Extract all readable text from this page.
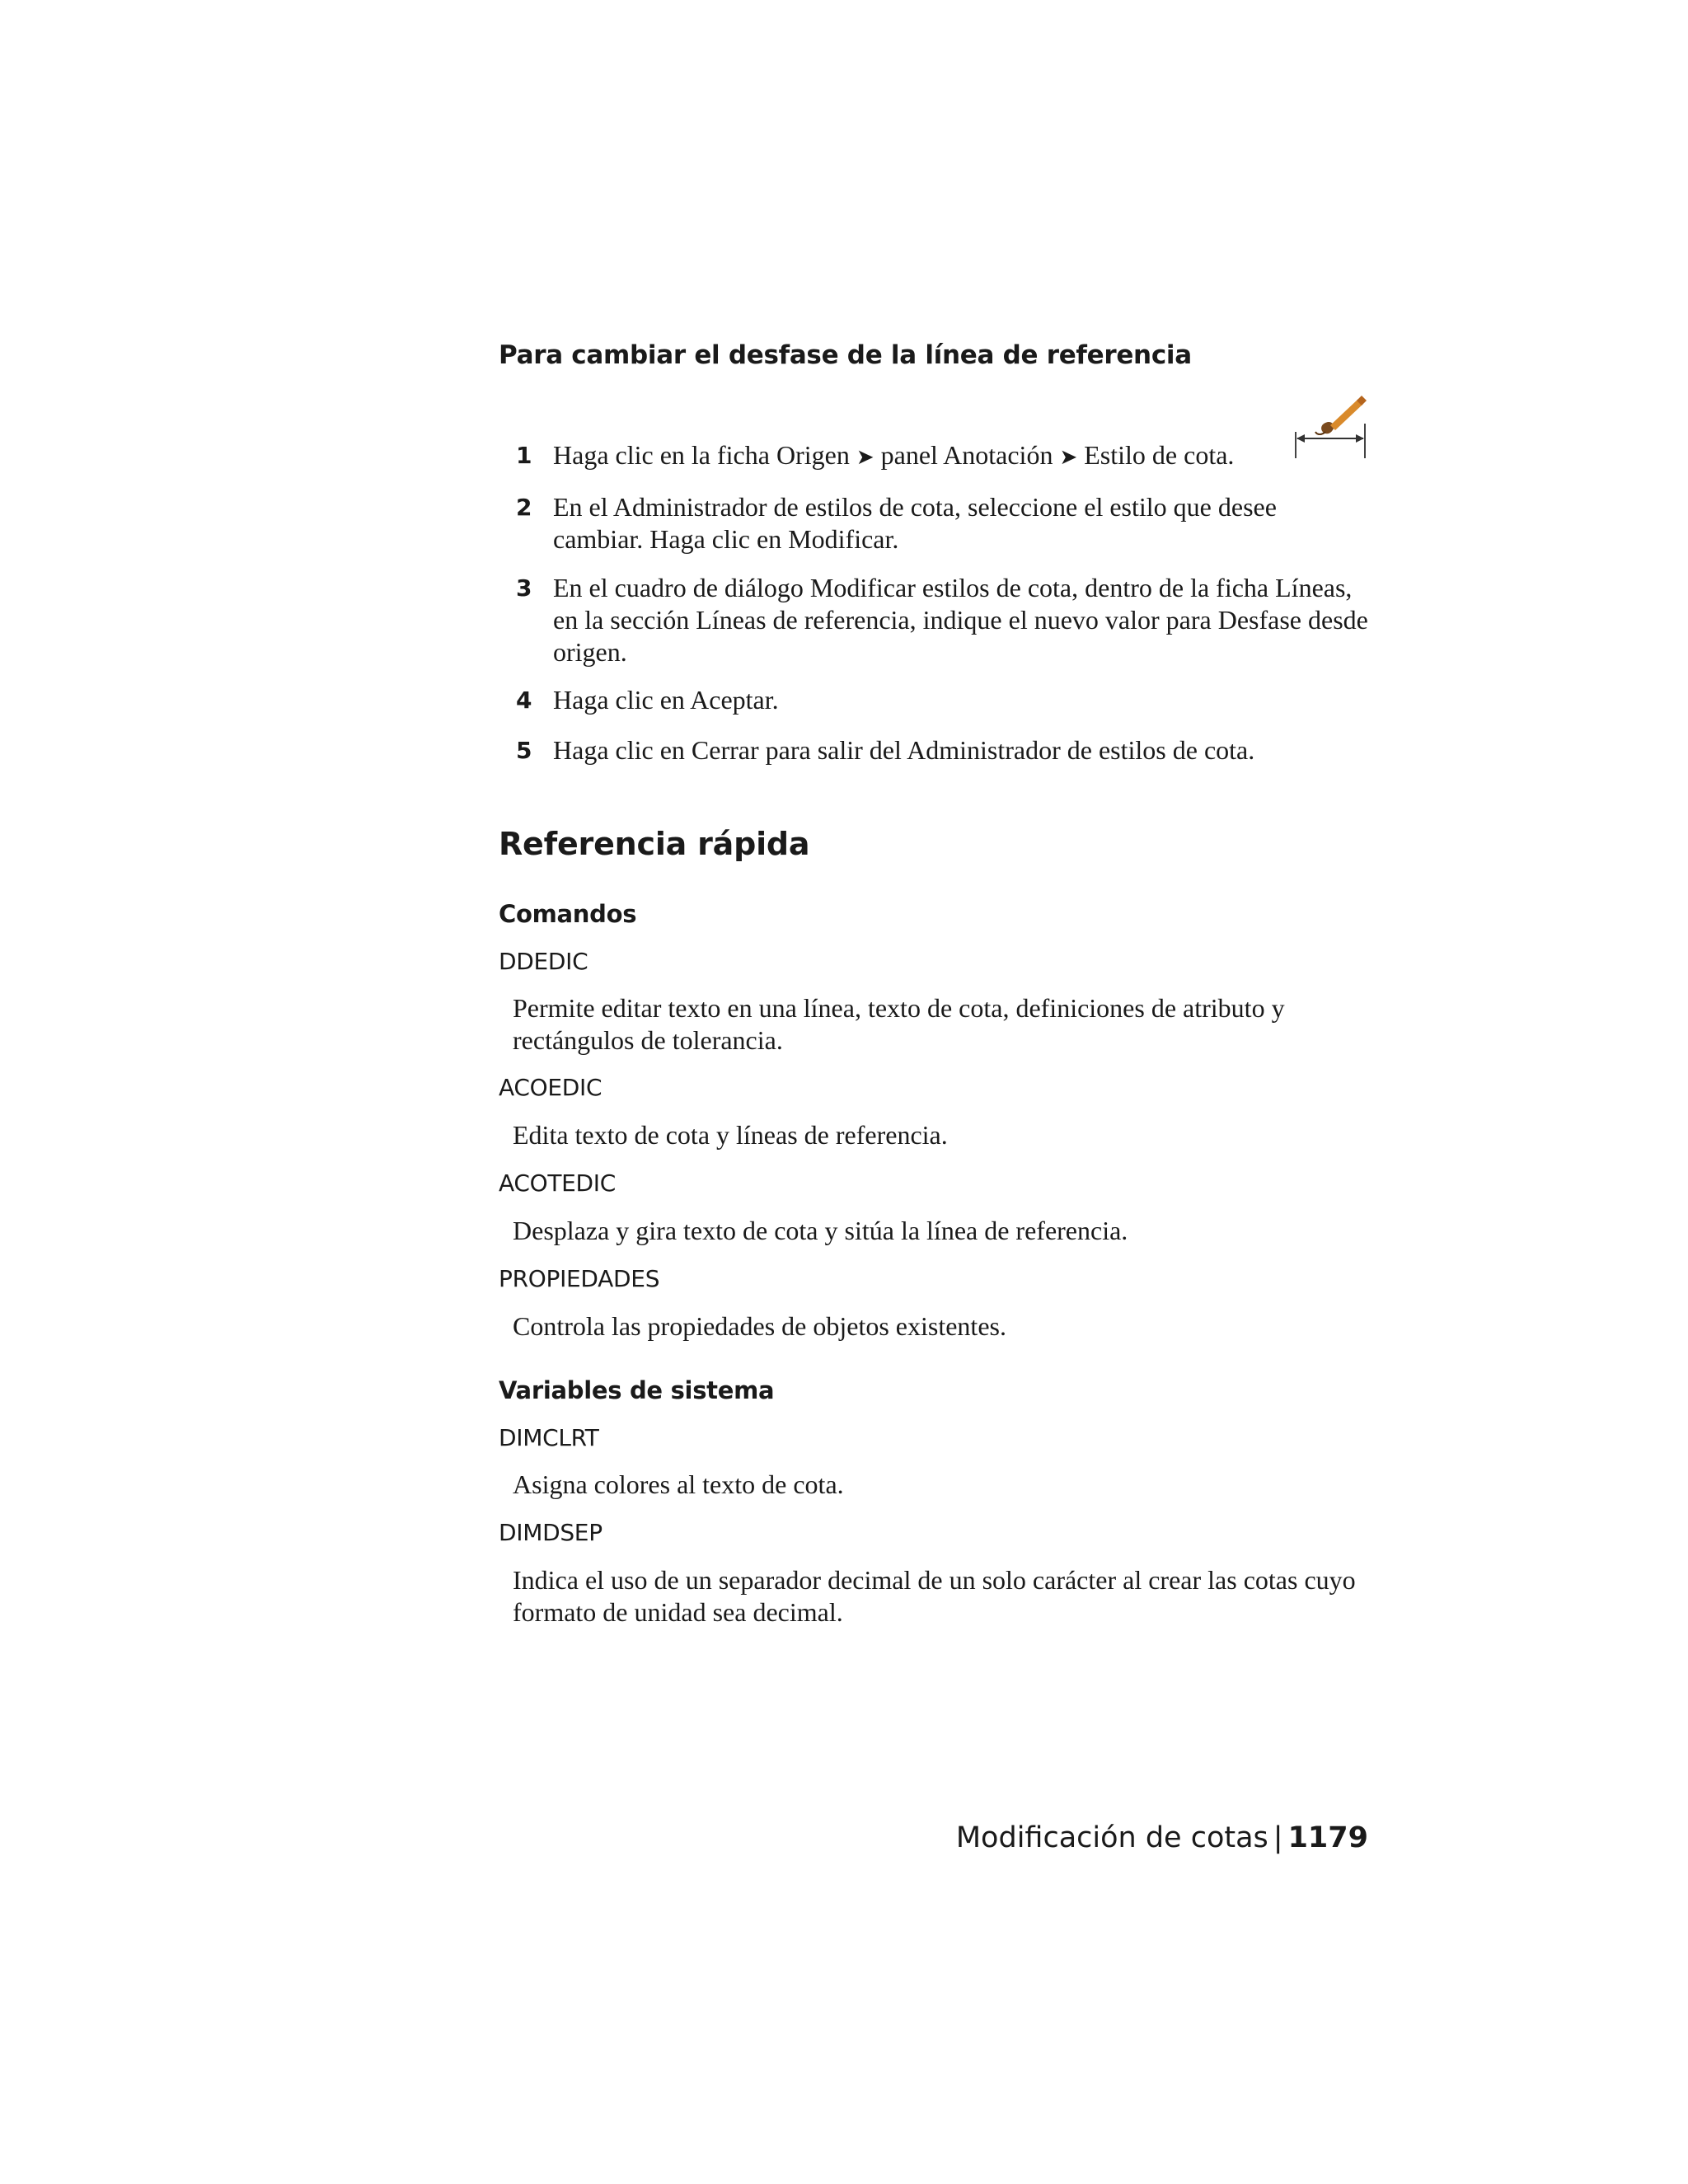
Para cambiar el desfase de la línea de referencia
1 Haga clic en la ficha Origen ➤ panel Anotación ➤ Estilo de cota.
2 En el Administrador de estilos de cota, seleccione el estilo que desee cambiar. Haga clic en Modificar.
3 En el cuadro de diálogo Modificar estilos de cota, dentro de la ficha Líneas, en la sección Líneas de referencia, indique el nuevo valor para Desfase desde origen.
4 Haga clic en Aceptar.
5 Haga clic en Cerrar para salir del Administrador de estilos de cota.
Referencia rápida
Comandos
DDEDIC
Permite editar texto en una línea, texto de cota, definiciones de atributo y rectángulos de tolerancia.
ACOEDIC
Edita texto de cota y líneas de referencia.
ACOTEDIC
Desplaza y gira texto de cota y sitúa la línea de referencia.
PROPIEDADES
Controla las propiedades de objetos existentes.
Variables de sistema
DIMCLRT
Asigna colores al texto de cota.
DIMDSEP
Indica el uso de un separador decimal de un solo carácter al crear las cotas cuyo formato de unidad sea decimal.
Modificación de cotas | 1179
